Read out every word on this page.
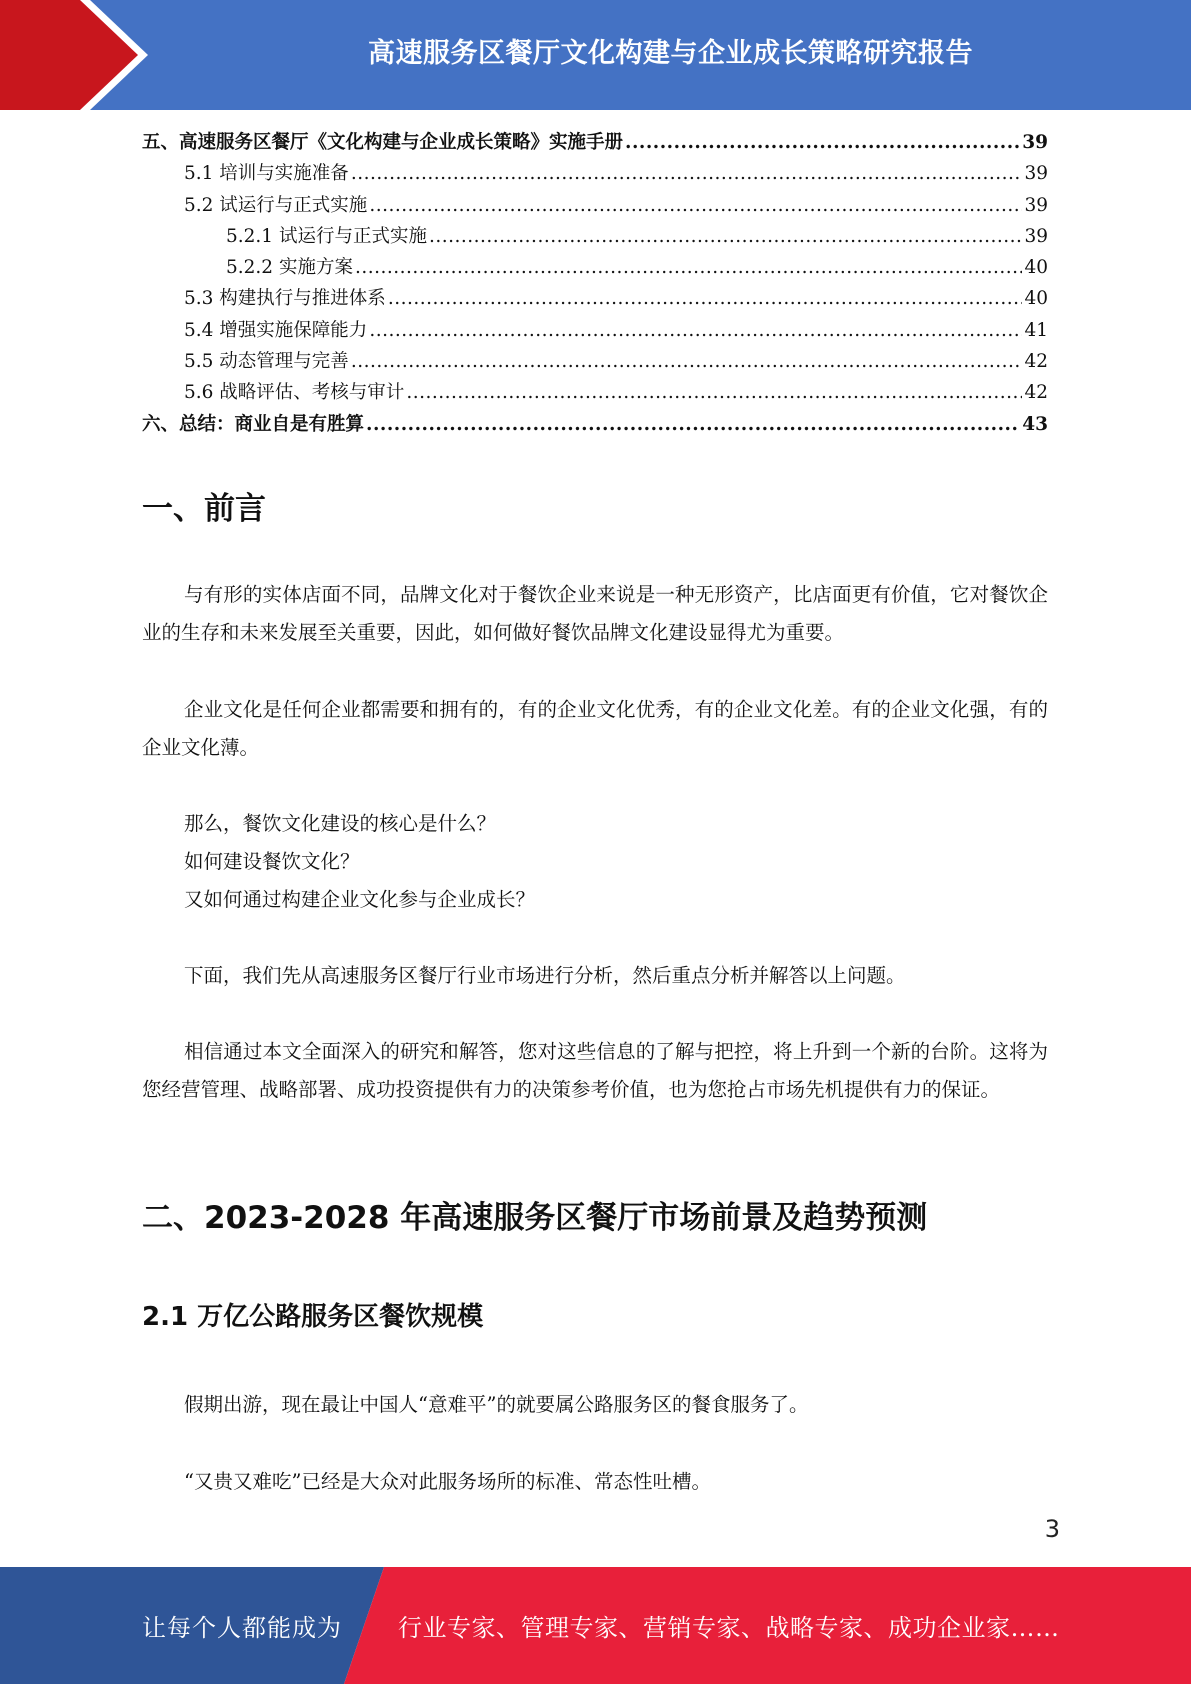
高速服务区餐厅文化构建与企业成长策略研究报告
五、高速服务区餐厅《文化构建与企业成长策略》实施手册 .....	39
5.1 培训与实施准备 .....	39
5.2 试运行与正式实施 .....	39
5.2.1 试运行与正式实施 .....	39
5.2.2 实施方案 .....	40
5.3 构建执行与推进体系 .....	40
5.4 增强实施保障能力 .....	41
5.5 动态管理与完善 .....	42
5.6 战略评估、考核与审计 .....	42
六、总结：商业自是有胜算 .....	43
一、前言
与有形的实体店面不同，品牌文化对于餐饮企业来说是一种无形资产，比店面更有价值，它对餐饮企业的生存和未来发展至关重要，因此，如何做好餐饮品牌文化建设显得尤为重要。
企业文化是任何企业都需要和拥有的，有的企业文化优秀，有的企业文化差。有的企业文化强，有的企业文化薄。
那么，餐饮文化建设的核心是什么？
如何建设餐饮文化？
又如何通过构建企业文化参与企业成长？
下面，我们先从高速服务区餐厅行业市场进行分析，然后重点分析并解答以上问题。
相信通过本文全面深入的研究和解答，您对这些信息的了解与把控，将上升到一个新的台阶。这将为您经营管理、战略部署、成功投资提供有力的决策参考价值，也为您抢占市场先机提供有力的保证。
二、2023-2028 年高速服务区餐厅市场前景及趋势预测
2.1 万亿公路服务区餐饮规模
假期出游，现在最让中国人“意难平”的就要属公路服务区的餐食服务了。
“又贵又难吃”已经是大众对此服务场所的标准、常态性吐槽。
3
让每个人都能成为 行业专家、管理专家、营销专家、战略专家、成功企业家……
